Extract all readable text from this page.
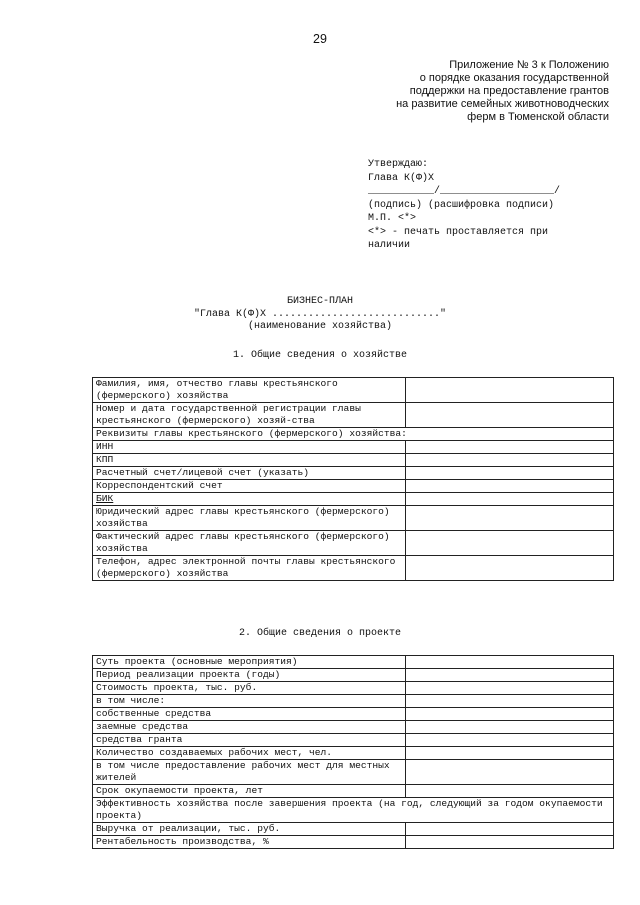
29
Приложение № 3 к Положению
о порядке оказания государственной
поддержки на предоставление грантов
на развитие семейных животноводческих
ферм в Тюменской области
Утверждаю:
Глава К(Ф)Х
___________/___________________/
(подпись) (расшифровка подписи)
М.П. <*>
<*> - печать проставляется при
наличии
БИЗНЕС-ПЛАН
"Глава К(Ф)Х ............................"
(наименование хозяйства)
1. Общие сведения о хозяйстве
Фамилия, имя, отчество главы крестьянского (фермерского) хозяйства	
Номер и дата государственной регистрации главы крестьянского (фермерского) хозяй-ства	
Реквизиты главы крестьянского (фермерского) хозяйства:	
ИНН	
КПП	
Расчетный счет/лицевой счет (указать)	
Корреспондентский счет	
БИК	
Юридический адрес главы крестьянского (фермерского) хозяйства	
Фактический адрес главы крестьянского (фермерского) хозяйства	
Телефон, адрес электронной почты главы крестьянского (фермерского) хозяйства	
2. Общие сведения о проекте
Суть проекта (основные мероприятия)	
Период реализации проекта (годы)	
Стоимость проекта, тыс. руб.	
в том числе:	
собственные средства	
заемные средства	
средства гранта	
Количество создаваемых рабочих мест, чел.	
в том числе предоставление рабочих мест для местных жителей	
Срок окупаемости проекта, лет	
Эффективность хозяйства после завершения проекта (на год, следующий за годом окупаемости проекта)	
Выручка от реализации, тыс. руб.	
Рентабельность производства, %	
